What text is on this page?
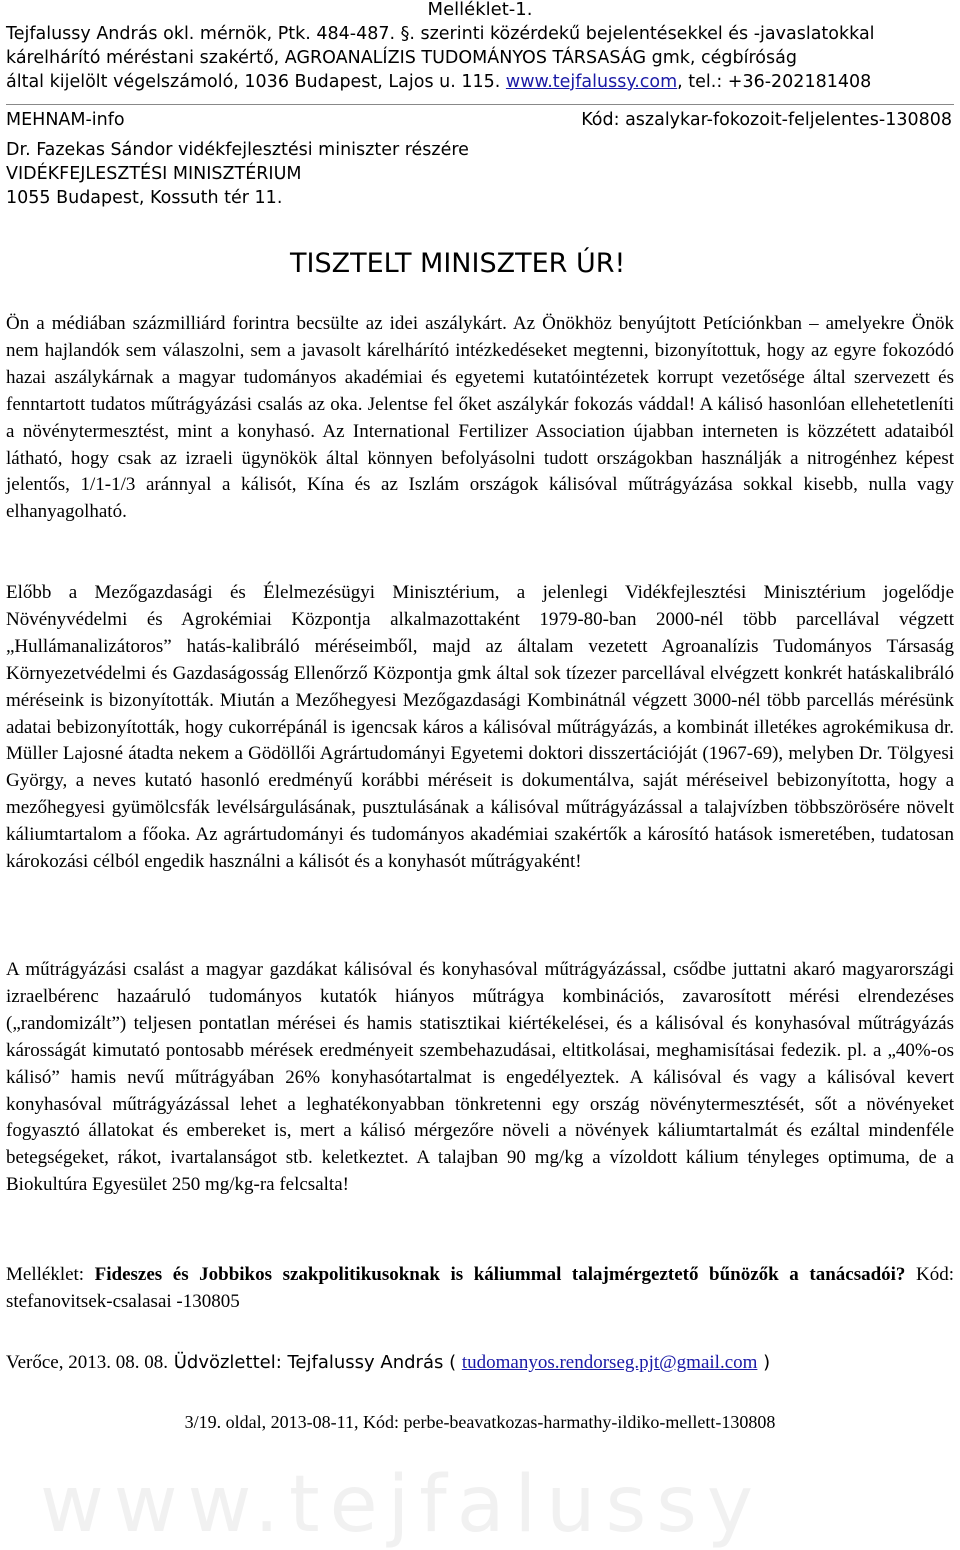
Melléklet-1.
Tejfalussy András okl. mérnök, Ptk. 484-487. §. szerinti közérdekű bejelentésekkel és -javaslatokkal
kárelhárító méréstani szakértő, AGROANALÍZIS TUDOMÁNYOS TÁRSASÁG gmk, cégbíróság
által kijelölt végelszámoló, 1036 Budapest, Lajos u. 115. www.tejfalussy.com, tel.: +36-202181408
MEHNAM-info	Kód: aszalykar-fokozoit-feljelentes-130808
Dr. Fazekas Sándor vidékfejlesztési miniszter részére
VIDÉKFEJLESZTÉSI MINISZTÉRIUM
1055 Budapest, Kossuth tér 11.
TISZTELT MINISZTER ÚR!

Ön a médiában százmilliárd forintra becsülte az idei aszálykárt. Az Önökhöz benyújtott Petíciónkban – amelyekre Önök nem hajlandók sem válaszolni, sem a javasolt kárelhárító intézkedéseket megtenni, bizonyítottuk, hogy az egyre fokozódó hazai aszálykárnak a magyar tudományos akadémiai és egyetemi kutatóintézetek korrupt vezetősége által szervezett és fenntartott tudatos műtrágyázási csalás az oka. Jelentse fel őket aszálykár fokozás váddal! A kálisó hasonlóan ellehetetleníti a növénytermesztést, mint a konyhasó. Az International Fertilizer Association újabban interneten is közzétett adataiból látható, hogy csak az izraeli ügynökök által könnyen befolyásolni tudott országokban használják a nitrogénhez képest jelentős, 1/1-1/3 aránnyal a kálisót, Kína és az Iszlám országok kálisóval műtrágyázása sokkal kisebb, nulla vagy elhanyagolható.

Előbb a Mezőgazdasági és Élelmezésügyi Minisztérium, a jelenlegi Vidékfejlesztési Minisztérium jogelődje Növényvédelmi és Agrokémiai Központja alkalmazottaként 1979-80-ban 2000-nél több parcellával végzett „Hullámanalizátoros” hatás-kalibráló méréseimből, majd az általam vezetett Agroanalízis Tudományos Társaság Környezetvédelmi és Gazdaságosság Ellenőrző Központja gmk által sok tízezer parcellával elvégzett konkrét hatáskalibráló méréseink is bizonyították. Miután a Mezőhegyesi Mezőgazdasági Kombinátnál végzett 3000-nél több parcellás mérésünk adatai bebizonyították, hogy cukorrépánál is igencsak káros a kálisóval műtrágyázás, a kombinát illetékes agrokémikusa dr. Müller Lajosné átadta nekem a Gödöllői Agrártudományi Egyetemi doktori disszertációját (1967-69), melyben Dr. Tölgyesi György, a neves kutató hasonló eredményű korábbi méréseit is dokumentálva, saját méréseivel bebizonyította, hogy a mezőhegyesi gyümölcsfák levélsárgulásának, pusztulásának a kálisóval műtrágyázással a talajvízben többszörösére növelt káliumtartalom a főoka. Az agrártudományi és tudományos akadémiai szakértők a károsító hatások ismeretében, tudatosan károkozási célból engedik használni a kálisót és a konyhasót műtrágyaként!

A műtrágyázási csalást a magyar gazdákat kálisóval és konyhasóval műtrágyázással, csődbe juttatni akaró magyarországi izraelbérenc hazaáruló tudományos kutatók hiányos műtrágya kombinációs, zavarosított mérési elrendezéses („randomizált”) teljesen pontatlan mérései és hamis statisztikai kiértékelései, és a kálisóval és konyhasóval műtrágyázás károsságát kimutató pontosabb mérések eredményeit szembehazudásai, eltitkolásai, meghamisításai fedezik. pl. a „40%-os kálisó” hamis nevű műtrágyában 26% konyhasótartalmat is engedélyeztek. A kálisóval és vagy a kálisóval kevert konyhasóval műtrágyázással lehet a leghatékonyabban tönkretenni egy ország növénytermesztését, sőt a növényeket fogyasztó állatokat és embereket is, mert a kálisó mérgezőre növeli a növények káliumtartalmát és ezáltal mindenféle betegségeket, rákot, ivartalanságot stb. keletkeztet. A talajban 90 mg/kg a vízoldott kálium tényleges optimuma, de a Biokultúra Egyesület 250 mg/kg-ra felcsalta!

Melléklet: Fideszes és Jobbikos szakpolitikusoknak is káliummal talajmérgeztető bűnözők a tanácsadói? Kód: stefanovitsek-csalasai -130805

Verőce, 2013. 08. 08. Üdvözlettel: Tejfalussy András ( tudomanyos.rendorseg.pjt@gmail.com )
3/19. oldal, 2013-08-11, Kód: perbe-beavatkozas-harmathy-ildiko-mellett-130808
www.tejfalussy
